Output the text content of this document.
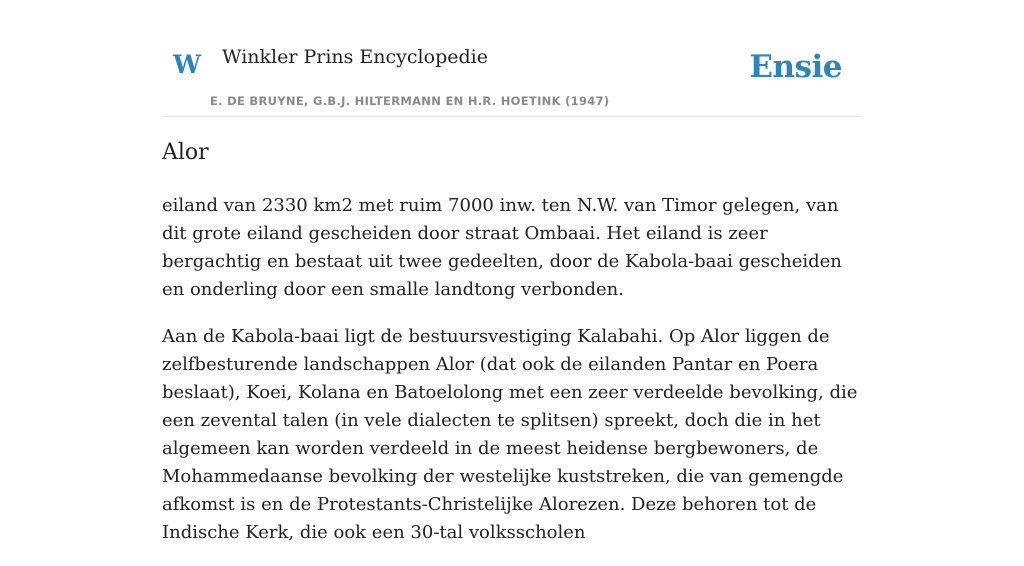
W Winkler Prins Encyclopedie
E. DE BRUYNE, G.B.J. HILTERMANN EN H.R. HOETINK (1947)
Ensie
Alor

eiland van 2330 km2 met ruim 7000 inw. ten N.W. van Timor gelegen, van dit grote eiland gescheiden door straat Ombaai. Het eiland is zeer bergachtig en bestaat uit twee gedeelten, door de Kabola-baai gescheiden en onderling door een smalle landtong verbonden.

Aan de Kabola-baai ligt de bestuursvestiging Kalabahi. Op Alor liggen de zelfbesturende landschappen Alor (dat ook de eilanden Pantar en Poera beslaat), Koei, Kolana en Batoelolong met een zeer verdeelde bevolking, die een zevental talen (in vele dialecten te splitsen) spreekt, doch die in het algemeen kan worden verdeeld in de meest heidense bergbewoners, de Mohammedaanse bevolking der westelijke kuststreken, die van gemengde afkomst is en de Protestants-Christelijke Alorezen. Deze behoren tot de Indische Kerk, die ook een 30-tal volksscholen
